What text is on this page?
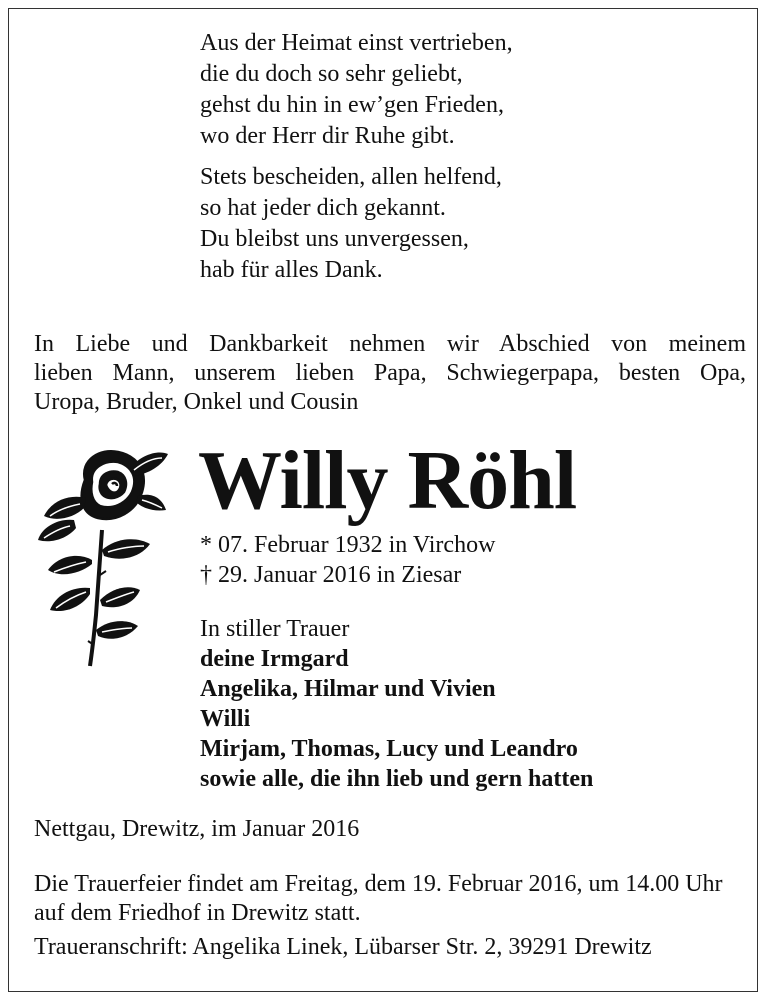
Aus der Heimat einst vertrieben,
die du doch so sehr geliebt,
gehst du hin in ew’gen Frieden,
wo der Herr dir Ruhe gibt.
Stets bescheiden, allen helfend,
so hat jeder dich gekannt.
Du bleibst uns unvergessen,
hab für alles Dank.
In Liebe und Dankbarkeit nehmen wir Abschied von meinem
lieben Mann, unserem lieben Papa, Schwiegerpapa, besten Opa,
Uropa, Bruder, Onkel und Cousin
Willy Röhl
* 07. Februar 1932 in Virchow
† 29. Januar 2016 in Ziesar
In stiller Trauer
deine Irmgard
Angelika, Hilmar und Vivien
Willi
Mirjam, Thomas, Lucy und Leandro
sowie alle, die ihn lieb und gern hatten
Nettgau, Drewitz, im Januar 2016
Die Trauerfeier findet am Freitag, dem 19. Februar 2016, um 14.00 Uhr auf dem Friedhof in Drewitz statt.
Traueranschrift: Angelika Linek, Lübarser Str. 2, 39291 Drewitz
